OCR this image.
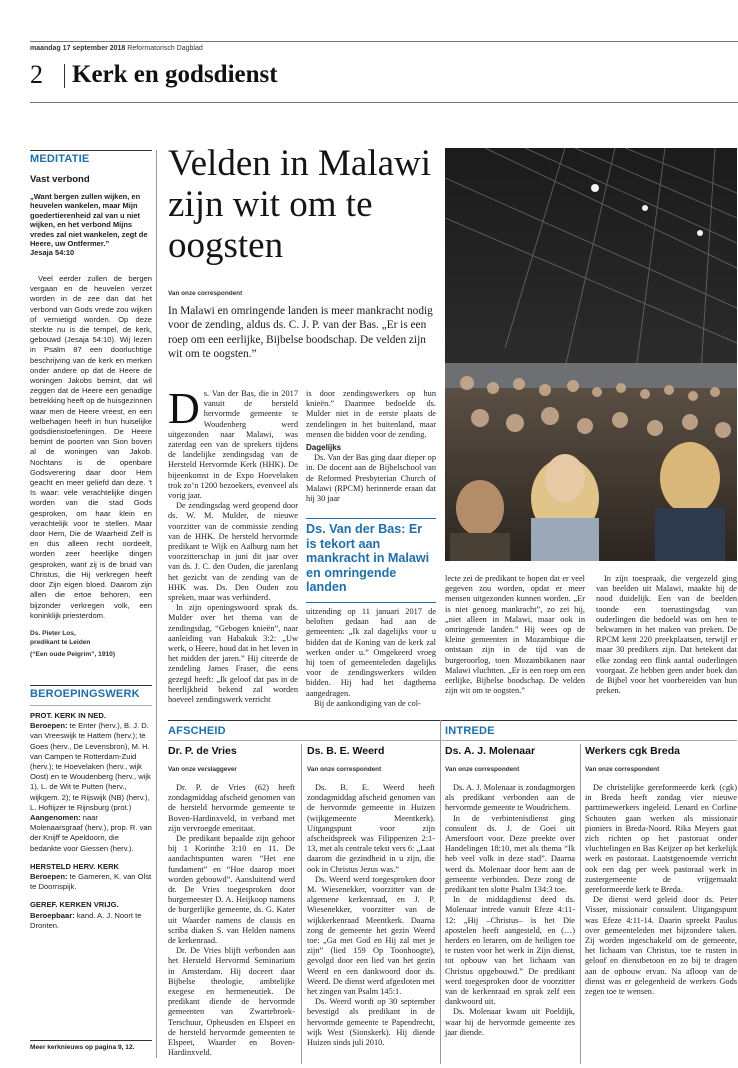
maandag 17 september 2018 Reformatorisch Dagblad
2 Kerk en godsdienst
MEDITATIE
Vast verbond
„Want bergen zullen wijken, en heuvelen wankelen, maar Mijn goedertierenheid zal van u niet wijken, en het verbond Mijns vredes zal niet wankelen, zegt de Heere, uw Ontfermer.”
Jesaja 54:10
Veel eerder zullen de bergen vergaan en de heuvelen verzet worden in de zee dan dat het verbond van Gods vrede zou wijken of vernietigd worden. Op deze sterkte nu is die tempel, de kerk, gebouwd (Jesaja 54:10). Wij lezen in Psalm 87 een doorluchtige beschrijving van de kerk en merken onder andere op dat de Heere de woningen Jakobs bemint, dat wil zeggen dat de Heere een genadige betrekking heeft op de huisgezinnen waar men de Heere vreest, en een welbehagen heeft in hun huiselijke godsdienstoefeningen. De Heere bemint de poorten van Sion boven al de woningen van Jakob. Nochtans is de openbare Godsverering daar door Hem geacht en meer geliefd dan deze. ’t Is waar: vele verachtelijke dingen worden van die stad Gods gesproken, om haar klein en verachtelijk voor te stellen. Maar door Hem, Die de Waarheid Zelf is en dus alleen recht oordeelt, worden zeer heerlijke dingen gesproken, want zij is de bruid van Christus, die Hij verkregen heeft door Zijn eigen bloed. Daarom zijn allen die ertoe behoren, een bijzonder verkregen volk, een koninklijk priesterdom.
Ds. Pieter Los,
predikant te Leiden
(“Een oude Pelgrim”, 1910)
BEROEPINGSWERK
PROT. KERK IN NED.
Beroepen: te Enter (herv.), B. J. D. van Vreeswijk te Hattem (herv.); te Goes (herv., De Levensbron), M. H. van Campen te Rotterdam-Zuid (herv.); te Hoevelaken (herv., wijk Oost) en te Woudenberg (herv., wijk 1), L. de Wit te Putten (herv., wijkgem. 2); te Rijswijk (NB) (herv.), L. Hoftijzer te Rijnsburg (prot.)
Aangenomen: naar Molenaarsgraaf (herv.), prop. R. van der Knijff te Apeldoorn, die bedankte voor Giessen (herv.).
HERSTELD HERV. KERK
Beroepen: te Gameren, K. van Olst te Doornspijk.
GEREF. KERKEN VRIJG.
Beroepbaar: kand. A. J. Noort te Dronten.
Meer kerknieuws op pagina 9, 12.
Velden in Malawi zijn wit om te oogsten
Van onze correspondent
In Malawi en omringende landen is meer mankracht nodig voor de zending, aldus ds. C. J. P. van der Bas. „Er is een roep om een eerlijke, Bijbelse boodschap. De velden zijn wit om te oogsten.”

Ds. Van der Bas, die in 2017 vanuit de hersteld hervormde gemeente te Woudenberg werd uitgezonden naar Malawi, was zaterdag een van de sprekers tijdens de landelijke zendingsdag van de Hersteld Hervormde Kerk (HHK). De bijeenkomst in de Expo Hoevelaken trok zo’n 1200 bezoekers, evenveel als vorig jaar.

De zendingsdag werd geopend door ds. W. M. Mulder, de nieuwe voorzitter van de commissie zending van de HHK. De hersteld hervormde predikant te Wijk en Aalburg nam het voorzitterschap in juni dit jaar over van ds. J. C. den Ouden, die jarenlang het gezicht van de zending van de HHK was. Ds. Den Ouden zou spreken, maar was verhinderd.

In zijn openingswoord sprak ds. Mulder over het thema van de zendingsdag, “Gebogen knieën”, naar aanleiding van Habakuk 3:2: „Uw werk, o Heere, houd dat in het leven in het midden der jaren.” Hij citeerde de zendeling James Fraser, die eens gezegd heeft: „Ik geloof dat pas in de heerlijkheid bekend zal worden hoeveel zendingswerk verricht

is door zendingswerkers op hun knieën.” Daarmee bedoelde ds. Mulder niet in de eerste plaats de zendelingen in het buitenland, maar mensen die bidden voor de zending.

Dagelijks

Ds. Van der Bas ging daar dieper op in. De docent aan de Bijbelschool van de Reformed Presbyterian Church of Malawi (RPCM) herinnerde eraan dat hij 30 jaar

Ds. Van der Bas: Er is tekort aan mankracht in Malawi en omringende landen

uitzending op 11 januari 2017 de beloften gedaan had aan de gemeenten: „Ik zal dagelijks voor u bidden dat de Koning van de kerk zal werken onder u.” Omgekeerd vroeg hij toen of gemeenteleden dagelijks voor de zendingswerkers wilden bidden. Hij had het dagthema aangedragen.

Bij de aankondiging van de col-

lecte zei de predikant te hopen dat er veel gegeven zou worden, opdat er meer mensen uitgezonden kunnen worden. „Er is niet genoeg mankracht”, zo zei hij, „niet alleen in Malawi, maar ook in omringende landen.” Hij wees op de kleine gemeenten in Mozambique die ontstaan zijn in de tijd van de burgeroorlog, toen Mozambikanen naar Malawi vluchtten. „Er is een roep om een eerlijke, Bijbelse boodschap. De velden zijn wit om te oogsten.”

In zijn toespraak, die vergezeld ging van beelden uit Malawi, maakte hij de nood duidelijk. Een van de beelden toonde een toerustingsdag van ouderlingen die bedoeld was om hen te bekwamen in het maken van preken. De RPCM kent 220 preekplaatsen, terwijl er maar 30 predikers zijn. Dat betekent dat elke zondag een flink aantal ouderlingen voorgaat. Ze hebben geen ander boek dan de Bijbel voor het voorbereiden van hun preken.

AFSCHEID	INTREDE
Dr. P. de Vries
Van onze verslaggever

Dr. P. de Vries (62) heeft zondagmiddag afscheid genomen van de hersteld hervormde gemeente te Boven-Hardinxveld, in verband met zijn vervroegde emeritaat.

De predikant bepaalde zijn gehoor bij 1 Korinthe 3:10 en 11. De aandachtspunten waren “Het ene fundament” en “Hoe daarop moet worden gebouwd”. Aansluitend werd dr. De Vries toegesproken door burgemeester D. A. Heijkoop namens de burgerlijke gemeente, ds. G. Kater uit Waarder namens de classis en scriba diaken S. van Helden namens de kerkenraad.

Dr. De Vries blijft verbonden aan het Hersteld Hervormd Seminarium in Amsterdam. Hij doceert daar Bijbelse theologie, ambtelijke exegese en hermeneutiek. De predikant diende de hervormde gemeenten van Zwartebroek-Terschuur, Opheusden en Elspeet en de hersteld hervormde gemeenten te Elspeet, Waarder en Boven-Hardinxveld.

Ds. B. E. Weerd
Van onze correspondent

Ds. B. E. Weerd heeft zondagmiddag afscheid genomen van de hervormde gemeente in Huizen (wijkgemeente Meentkerk). Uitgangspunt voor zijn afscheidspreek was Filippenzen 2:1-13, met als centrale tekst vers 6: „Laat daarom die gezindheid in u zijn, die ook in Christus Jezus was.”

Ds. Weerd werd toegesproken door M. Wiesenekker, voorzitter van de algemene kerkenraad, en J. P. Wiesenekker, voorzitter van de wijkkerkenraad Meentkerk. Daarna zong de gemeente het gezin Weerd toe: „Ga met God en Hij zal met je zijn” (lied 159 Op Toonhoogte), gevolgd door een lied van het gezin Weerd en een dankwoord door ds. Weerd. De dienst werd afgesloten met het zingen van Psalm 145:1.

Ds. Weerd wordt op 30 september bevestigd als predikant in de hervormde gemeente te Papendrecht, wijk West (Sionskerk). Hij diende Huizen sinds juli 2010.

Ds. A. J. Molenaar
Van onze correspondent

Ds. A. J. Molenaar is zondagmorgen als predikant verbonden aan de hervormde gemeente te Woudrichem.

In de verbintenisdienst ging consulent ds. J. de Goei uit Amersfoort voor. Deze preekte over Handelingen 18:10, met als thema “Ik heb veel volk in deze stad”. Daarna werd ds. Molenaar door hem aan de gemeente verbonden. Deze zong de predikant ten slotte Psalm 134:3 toe.

In de middagdienst deed ds. Molenaar intrede vanuit Efeze 4:11-12: „Hij –Christus– is het Die apostelen heeft aangesteld, en (…) herders en leraren, om de heiligen toe te rusten voor het werk in Zijn dienst, tot opbouw van het lichaam van Christus opgebouwd.” De predikant werd toegesproken door de voorzitter van de kerkenraad en sprak zelf een dankwoord uit.

Ds. Molenaar kwam uit Poeldijk, waar hij de hervormde gemeente zes jaar diende.

Werkers cgk Breda
Van onze correspondent

De christelijke gereformeerde kerk (cgk) in Breda heeft zondag vier nieuwe parttimewerkers ingeleid. Lenard en Corline Schouten gaan werken als missionair pioniers in Breda-Noord. Rika Meyers gaat zich richten op het pastoraat onder vluchtelingen en Bas Keijzer op het kerkelijk werk en pastoraat. Laatstgenoemde verricht ook een dag per week pastoraal werk in zustergemeente de vrijgemaakt gereformeerde kerk te Breda.

De dienst werd geleid door ds. Peter Visser, missionair consulent. Uitgangspunt was Efeze 4:11-14. Daarin spreekt Paulus over gemeenteleden met bijzondere taken. Zij worden ingeschakeld om de gemeente, het lichaam van Christus, toe te rusten in geloof en dienstbetoon en zo bij te dragen aan de opbouw ervan. Na afloop van de dienst was er gelegenheid de werkers Gods zegen toe te wensen.
